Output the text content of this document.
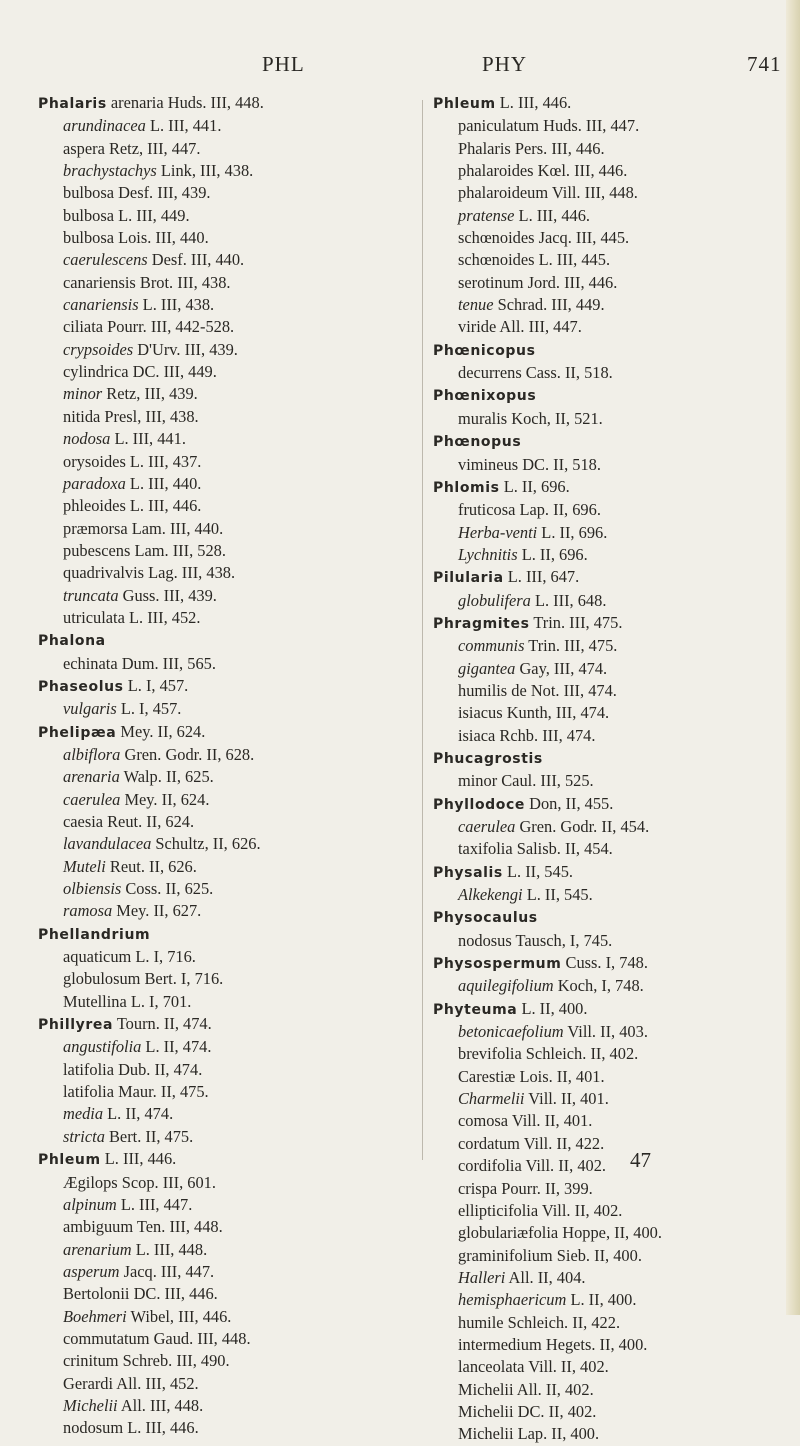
PHL	PHY	741
Phalaris arenaria Huds. III, 448.
arundinacea L. III, 441.
aspera Retz, III, 447.
brachystachys Link, III, 438.
bulbosa Desf. III, 439.
bulbosa L. III, 449.
bulbosa Lois. III, 440.
caerulescens Desf. III, 440.
canariensis Brot. III, 438.
canariensis L. III, 438.
ciliata Pourr. III, 442-528.
crypsoides D'Urv. III, 439.
cylindrica DC. III, 449.
minor Retz, III, 439.
nitida Presl, III, 438.
nodosa L. III, 441.
orysoides L. III, 437.
paradoxa L. III, 440.
phleoides L. III, 446.
præmorsa Lam. III, 440.
pubescens Lam. III, 528.
quadrivalvis Lag. III, 438.
truncata Guss. III, 439.
utriculata L. III, 452.
Phalona
echinata Dum. III, 565.
Phaseolus L. I, 457.
vulgaris L. I, 457.
Phelipæa Mey. II, 624.
albiflora Gren. Godr. II, 628.
arenaria Walp. II, 625.
caerulea Mey. II, 624.
caesia Reut. II, 624.
lavandulacea Schultz, II, 626.
Muteli Reut. II, 626.
olbiensis Coss. II, 625.
ramosa Mey. II, 627.
Phellandrium
aquaticum L. I, 716.
globulosum Bert. I, 716.
Mutellina L. I, 701.
Phillyrea Tourn. II, 474.
angustifolia L. II, 474.
latifolia Dub. II, 474.
latifolia Maur. II, 475.
media L. II, 474.
stricta Bert. II, 475.
Phleum L. III, 446.
Ægilops Scop. III, 601.
alpinum L. III, 447.
ambiguum Ten. III, 448.
arenarium L. III, 448.
asperum Jacq. III, 447.
Bertolonii DC. III, 446.
Boehmeri Wibel, III, 446.
commutatum Gaud. III, 448.
crinitum Schreb. III, 490.
Gerardi All. III, 452.
Michelii All. III, 448.
nodosum L. III, 446.
Phleum L. III, 446.
paniculatum Huds. III, 447.
Phalaris Pers. III, 446.
phalaroides Kœl. III, 446.
phalaroideum Vill. III, 448.
pratense L. III, 446.
schœnoides Jacq. III, 445.
schœnoides L. III, 445.
serotinum Jord. III, 446.
tenue Schrad. III, 449.
viride All. III, 447.
Phœnicopus
decurrens Cass. II, 518.
Phœnixopus
muralis Koch, II, 521.
Phœnopus
vimineus DC. II, 518.
Phlomis L. II, 696.
fruticosa Lap. II, 696.
Herba-venti L. II, 696.
Lychnitis L. II, 696.
Pilularia L. III, 647.
globulifera L. III, 648.
Phragmites Trin. III, 475.
communis Trin. III, 475.
gigantea Gay, III, 474.
humilis de Not. III, 474.
isiacus Kunth, III, 474.
isiaca Rchb. III, 474.
Phucagrostis
minor Caul. III, 525.
Phyllodoce Don, II, 455.
caerulea Gren. Godr. II, 454.
taxifolia Salisb. II, 454.
Physalis L. II, 545.
Alkekengi L. II, 545.
Physocaulus
nodosus Tausch, I, 745.
Physospermum Cuss. I, 748.
aquilegifolium Koch, I, 748.
Phyteuma L. II, 400.
betonicaefolium Vill. II, 403.
brevifolia Schleich. II, 402.
Carestiæ Lois. II, 401.
Charmelii Vill. II, 401.
comosa Vill. II, 401.
cordatum Vill. II, 422.
cordifolia Vill. II, 402.
crispa Pourr. II, 399.
ellipticifolia Vill. II, 402.
globulariæfolia Hoppe, II, 400.
graminifolium Sieb. II, 400.
Halleri All. II, 404.
hemisphaericum L. II, 400.
humile Schleich. II, 422.
intermedium Hegets. II, 400.
lanceolata Vill. II, 402.
Michelii All. II, 402.
Michelii DC. II, 402.
Michelii Lap. II, 400.
47
